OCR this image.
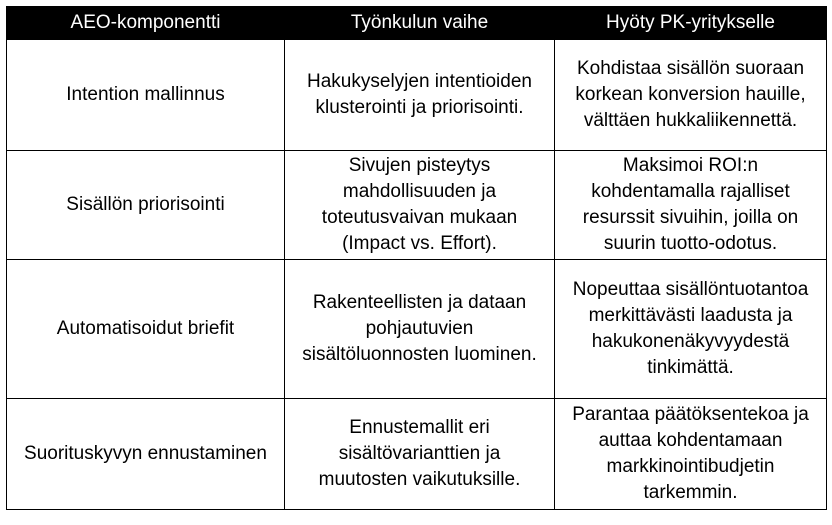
AEO-komponentti	Työnkulun vaihe	Hyöty PK-yritykselle
Intention mallinnus	Hakukyselyjen intentioiden klusterointi ja priorisointi.	Kohdistaa sisällön suoraan korkean konversion hauille, välttäen hukkaliikennettä.
Sisällön priorisointi	Sivujen pisteytys mahdollisuuden ja toteutusvaivan mukaan (Impact vs. Effort).	Maksimoi ROI:n kohdentamalla rajalliset resurssit sivuihin, joilla on suurin tuotto-odotus.
Automatisoidut briefit	Rakenteellisten ja dataan pohjautuvien sisältöluonnosten luominen.	Nopeuttaa sisällöntuotantoa merkittävästi laadusta ja hakukonenäkyvyydestä tinkimättä.
Suorituskyvyn ennustaminen	Ennustemallit eri sisältövarianttien ja muutosten vaikutuksille.	Parantaa päätöksentekoa ja auttaa kohdentamaan markkinointibudjetin tarkemmin.
